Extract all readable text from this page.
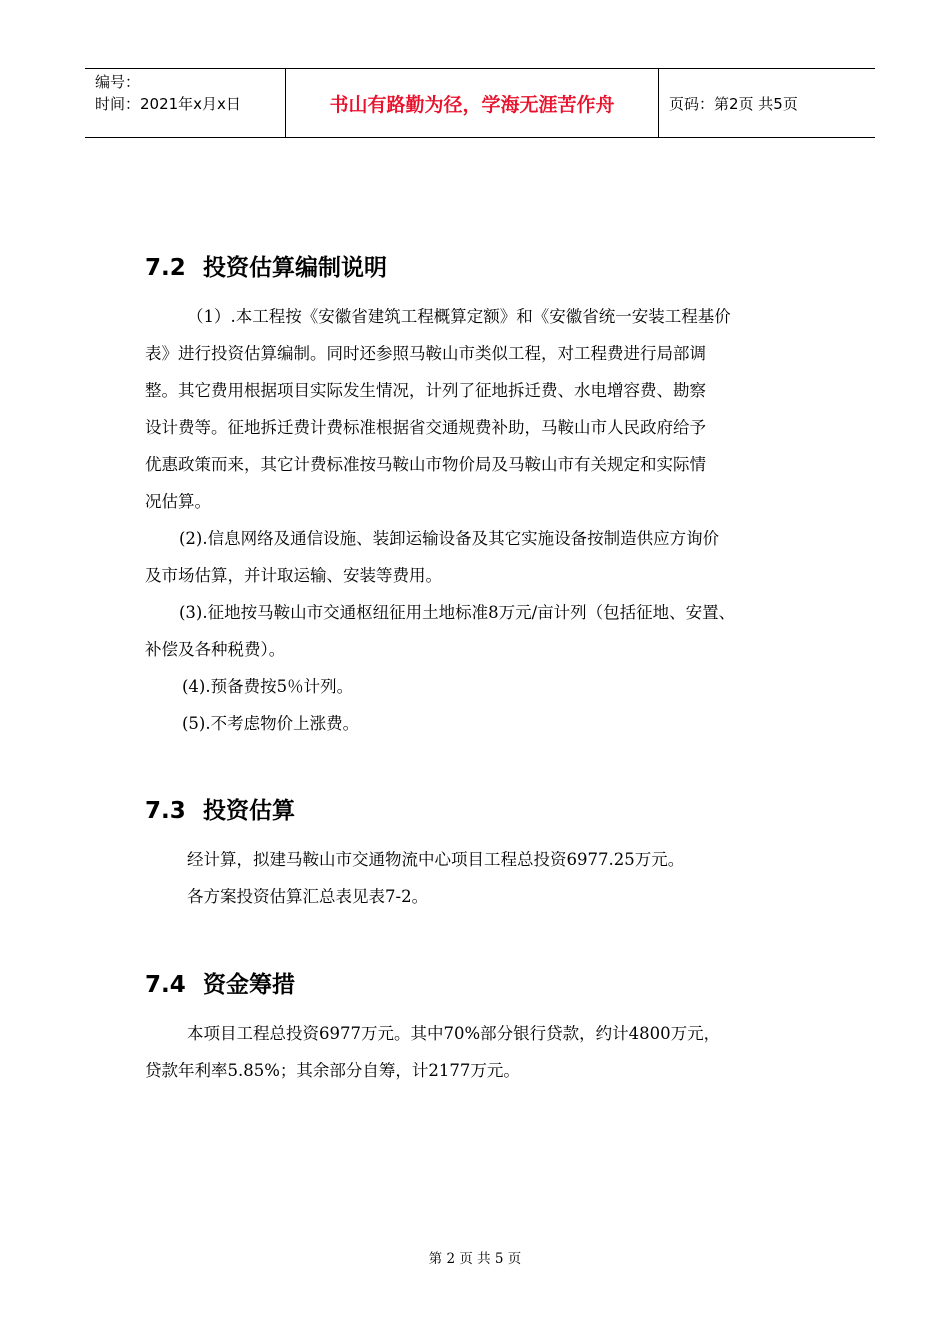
编号：
时间：2021年x月x日	书山有路勤为径，学海无涯苦作舟	页码：第2页 共5页
7.2 投资估算编制说明

（1）.本工程按《安徽省建筑工程概算定额》和《安徽省统一安装工程基价

表》进行投资估算编制。同时还参照马鞍山市类似工程，对工程费进行局部调
整。其它费用根据项目实际发生情况，计列了征地拆迁费、水电增容费、勘察
设计费等。征地拆迁费计费标准根据省交通规费补助，马鞍山市人民政府给予
优惠政策而来，其它计费标准按马鞍山市物价局及马鞍山市有关规定和实际情
况估算。

(2).信息网络及通信设施、装卸运输设备及其它实施设备按制造供应方询价
及市场估算，并计取运输、安装等费用。

(3).征地按马鞍山市交通枢纽征用土地标准8万元/亩计列（包括征地、安置、
补偿及各种税费）。

(4).预备费按5％计列。

(5).不考虑物价上涨费。

7.3 投资估算

经计算，拟建马鞍山市交通物流中心项目工程总投资6977.25万元。

各方案投资估算汇总表见表7-2。

7.4 资金筹措

本项目工程总投资6977万元。其中70%部分银行贷款，约计4800万元，
贷款年利率5.85%；其余部分自筹，计2177万元。

第 2 页 共 5 页
